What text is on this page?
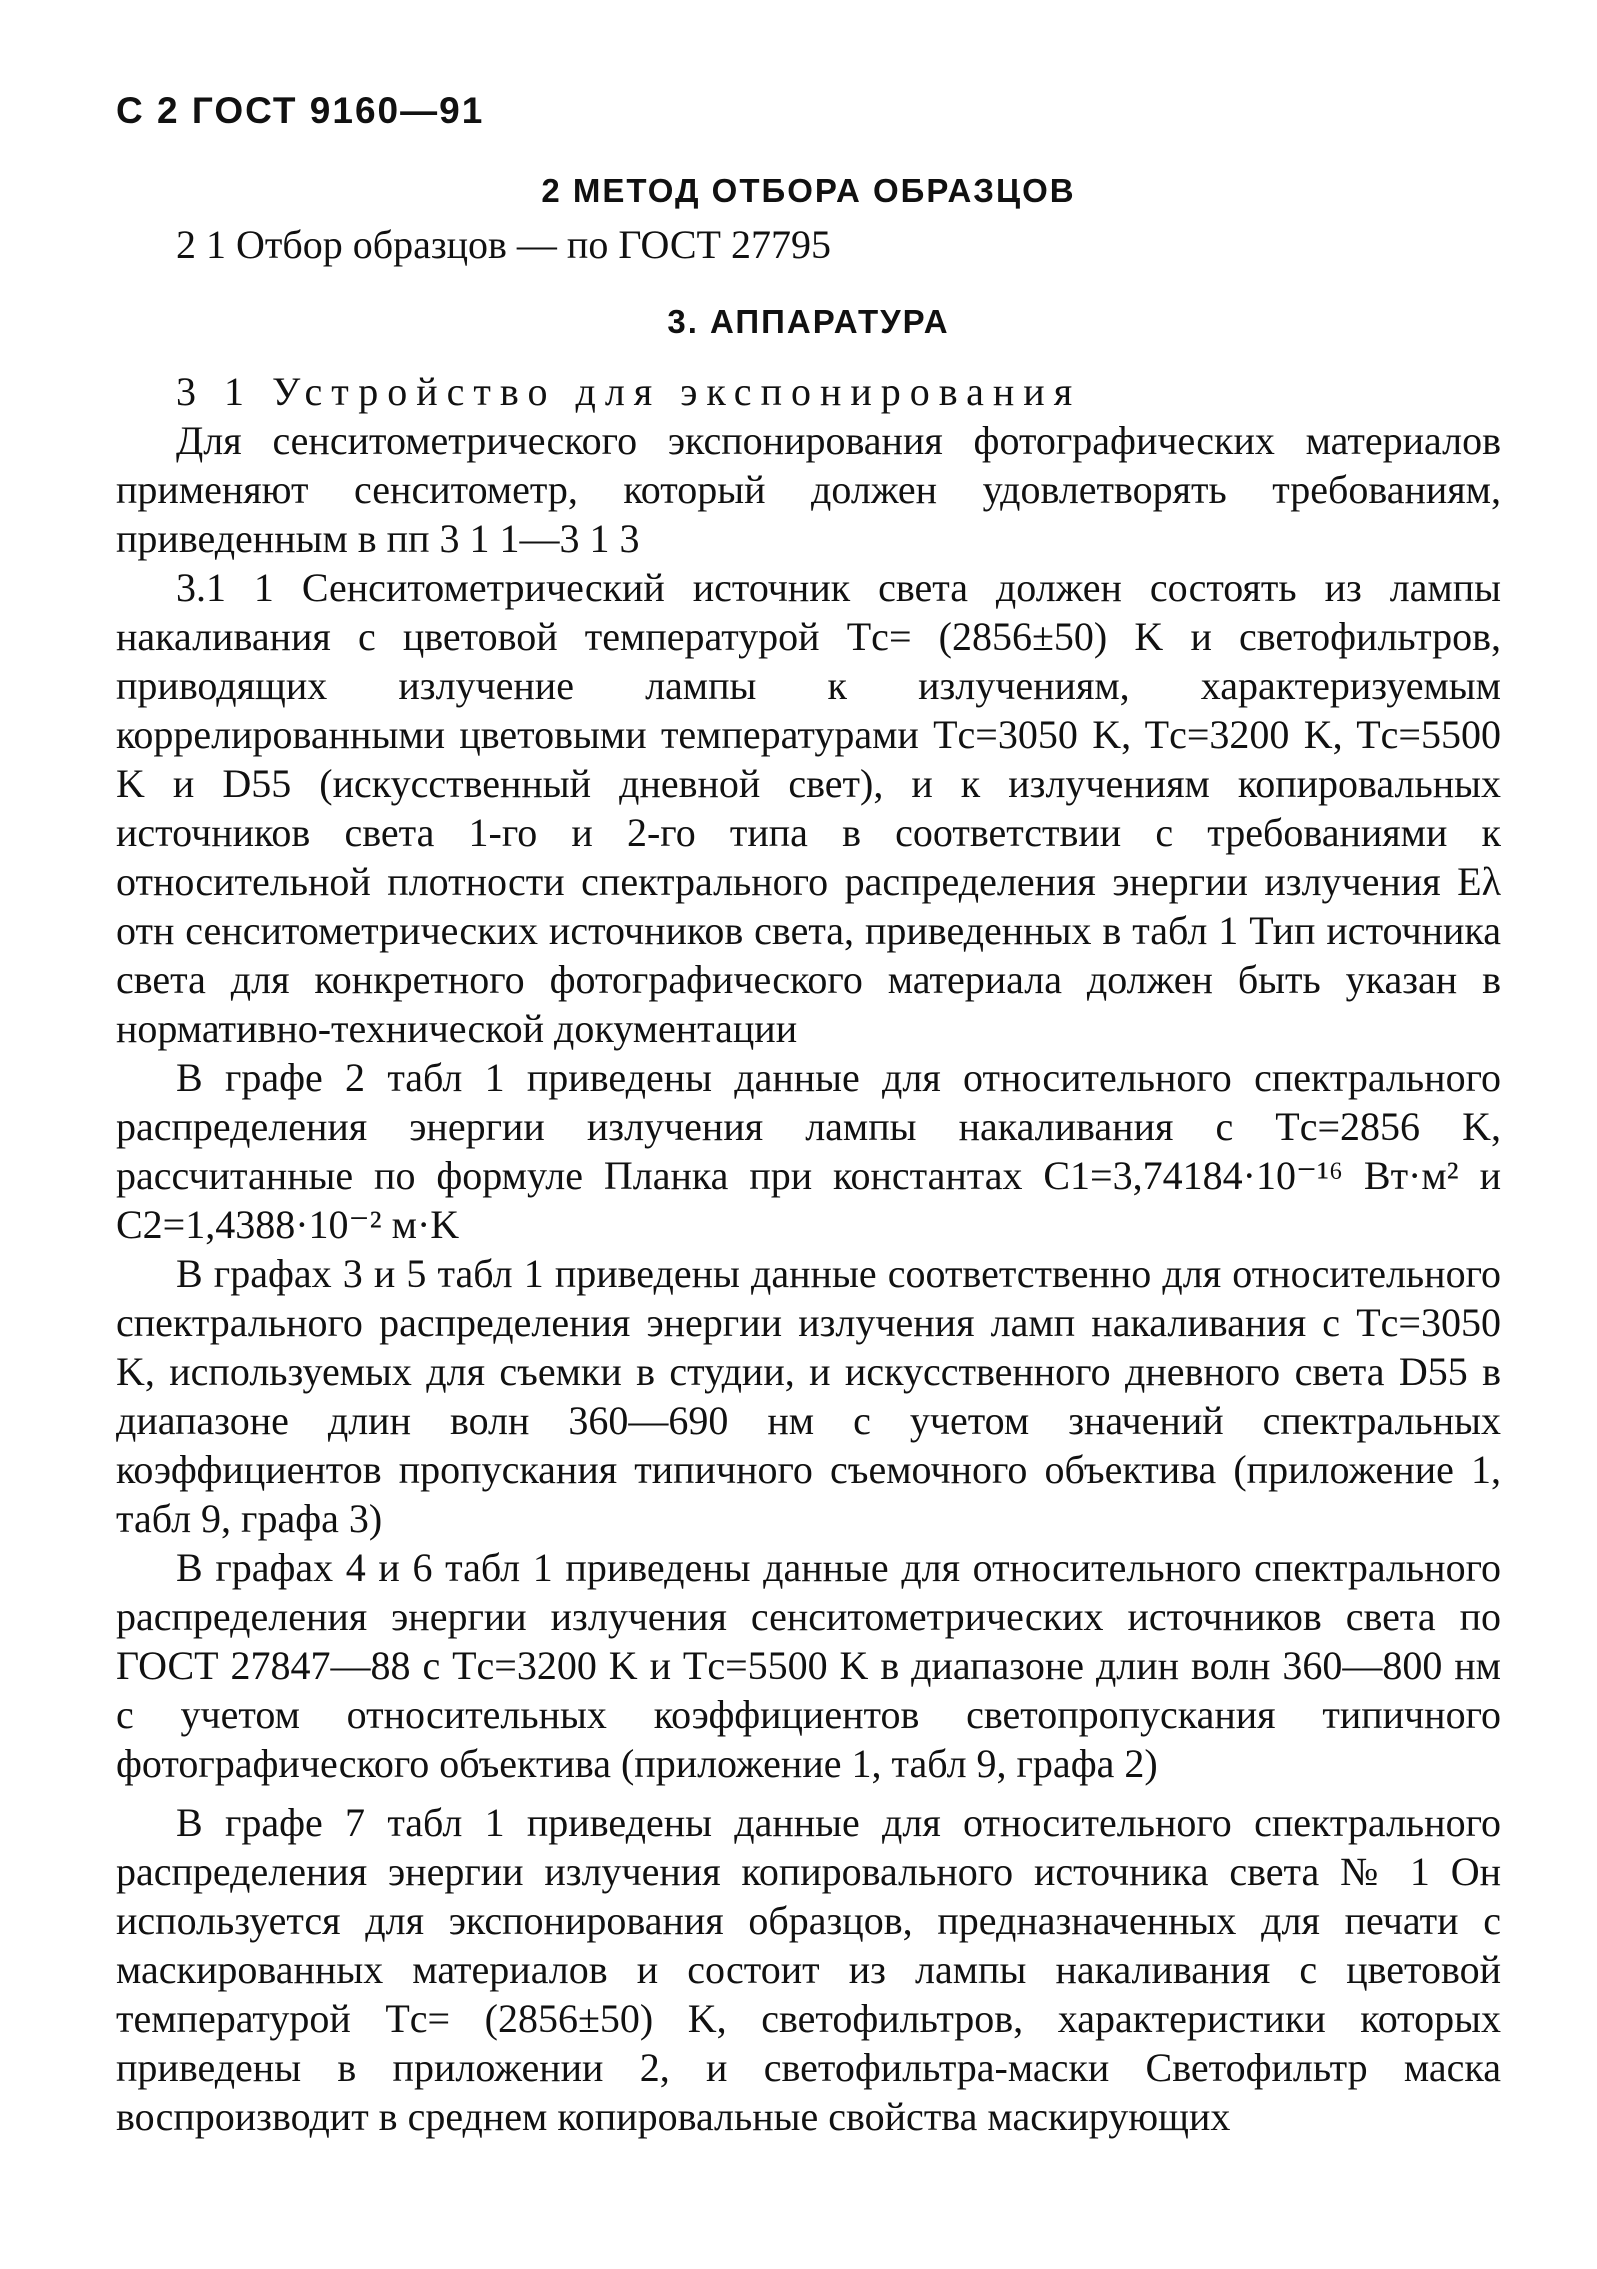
С 2 ГОСТ 9160—91
2 МЕТОД ОТБОРА ОБРАЗЦОВ

2 1 Отбор образцов — по ГОСТ 27795

3. АППАРАТУРА

3 1 Устройство для экспонирования

Для сенситометрического экспонирования фотографических материалов применяют сенситометр, который должен удовлетворять требованиям, приведенным в пп 3 1 1—3 1 3

3.1 1 Сенситометрический источник света должен состоять из лампы накаливания с цветовой температурой Tс= (2856±50) K и светофильтров, приводящих излучение лампы к излучениям, характеризуемым коррелированными цветовыми температурами Tс=3050 K, Tс=3200 K, Tс=5500 K и D55 (искусственный дневной свет), и к излучениям копировальных источников света 1-го и 2-го типа в соответствии с требованиями к относительной плотности спектрального распределения энергии излучения Eλ отн сенситометрических источников света, приведенных в табл 1 Тип источника света для конкретного фотографического материала должен быть указан в нормативно-технической документации

В графе 2 табл 1 приведены данные для относительного спектрального распределения энергии излучения лампы накаливания с Tс=2856 K, рассчитанные по формуле Планка при константах C1=3,74184·10⁻¹⁶ Вт·м² и C2=1,4388·10⁻² м·K

В графах 3 и 5 табл 1 приведены данные соответственно для относительного спектрального распределения энергии излучения ламп накаливания с Tс=3050 K, используемых для съемки в студии, и искусственного дневного света D55 в диапазоне длин волн 360—690 нм с учетом значений спектральных коэффициентов пропускания типичного съемочного объектива (приложение 1, табл 9, графа 3)

В графах 4 и 6 табл 1 приведены данные для относительного спектрального распределения энергии излучения сенситометрических источников света по ГОСТ 27847—88 с Tс=3200 K и Tс=5500 K в диапазоне длин волн 360—800 нм с учетом относительных коэффициентов светопропускания типичного фотографического объектива (приложение 1, табл 9, графа 2)

В графе 7 табл 1 приведены данные для относительного спектрального распределения энергии излучения копировального источника света № 1 Он используется для экспонирования образцов, предназначенных для печати с маскированных материалов и состоит из лампы накаливания с цветовой температурой Tс= (2856±50) K, светофильтров, характеристики которых приведены в приложении 2, и светофильтра-маски Светофильтр маска воспроизводит в среднем копировальные свойства маскирующих
